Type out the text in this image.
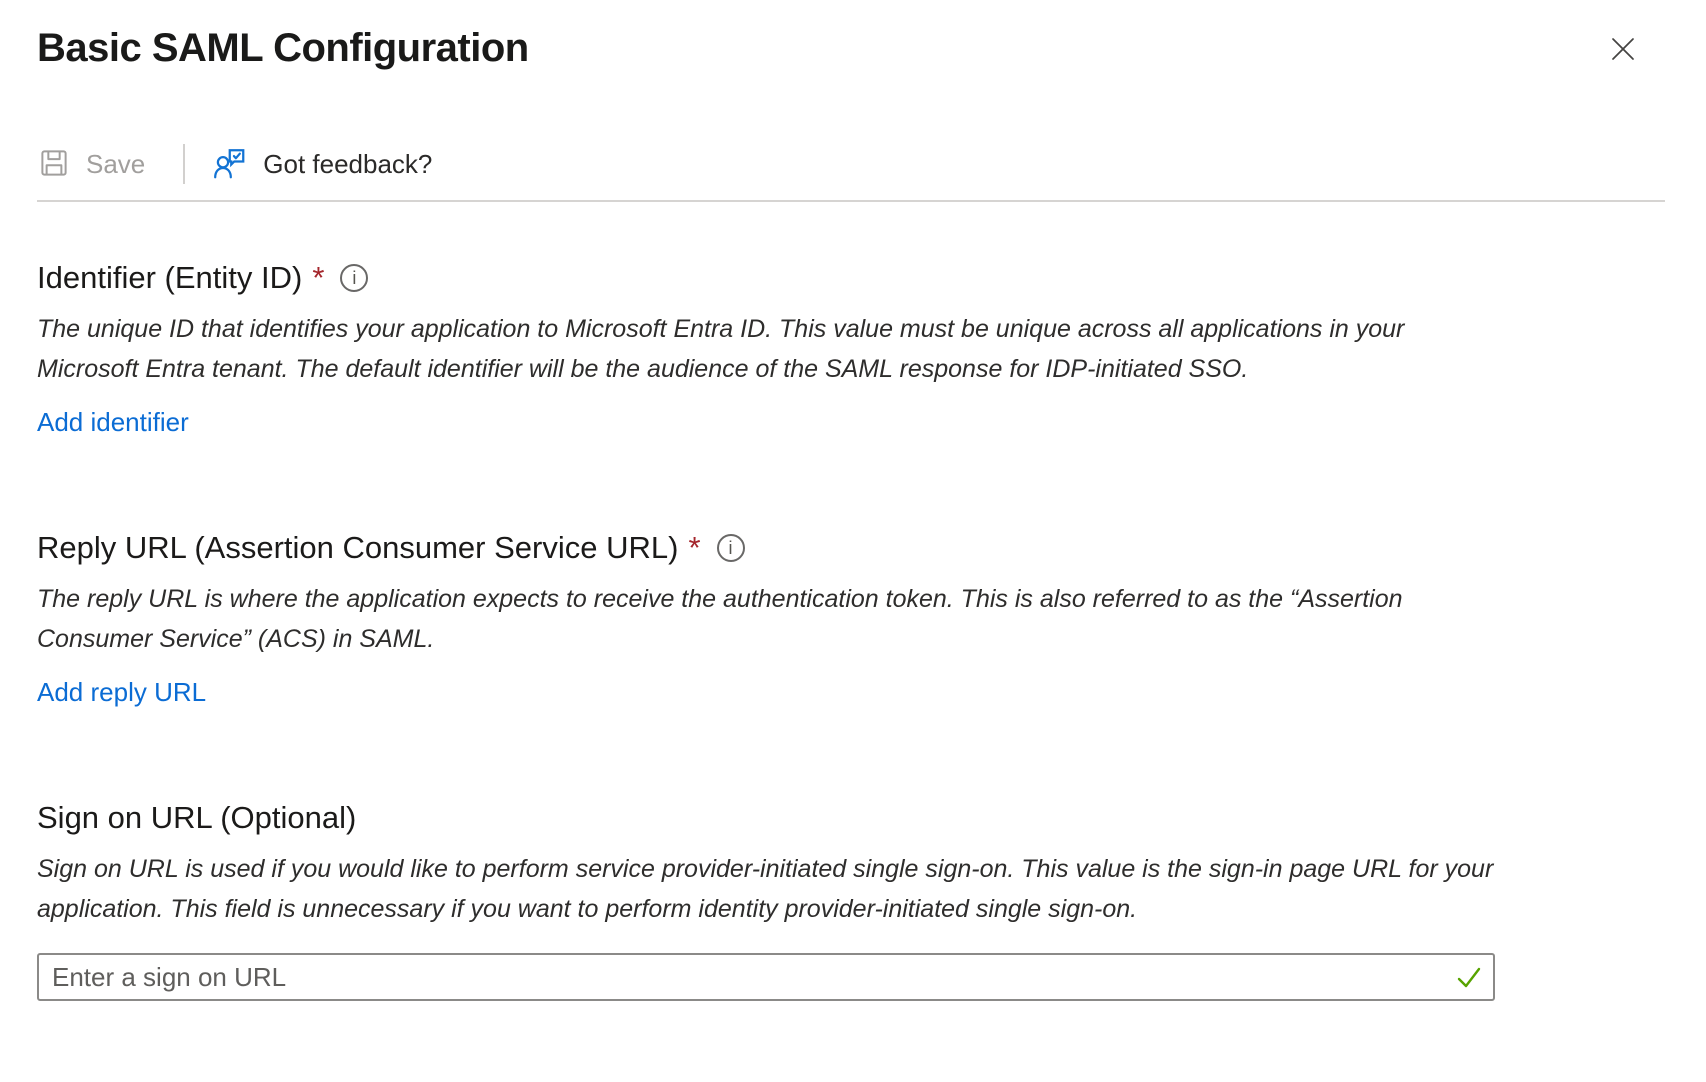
Basic SAML Configuration
Save	Got feedback?
Identifier (Entity ID) *	i

The unique ID that identifies your application to Microsoft Entra ID. This value must be unique across all applications in your Microsoft Entra tenant. The default identifier will be the audience of the SAML response for IDP-initiated SSO.

Add identifier
Reply URL (Assertion Consumer Service URL) *	i

The reply URL is where the application expects to receive the authentication token. This is also referred to as the “Assertion Consumer Service” (ACS) in SAML.

Add reply URL
Sign on URL (Optional)

Sign on URL is used if you would like to perform service provider-initiated single sign-on. This value is the sign-in page URL for your application. This field is unnecessary if you want to perform identity provider-initiated single sign-on.

Enter a sign on URL
